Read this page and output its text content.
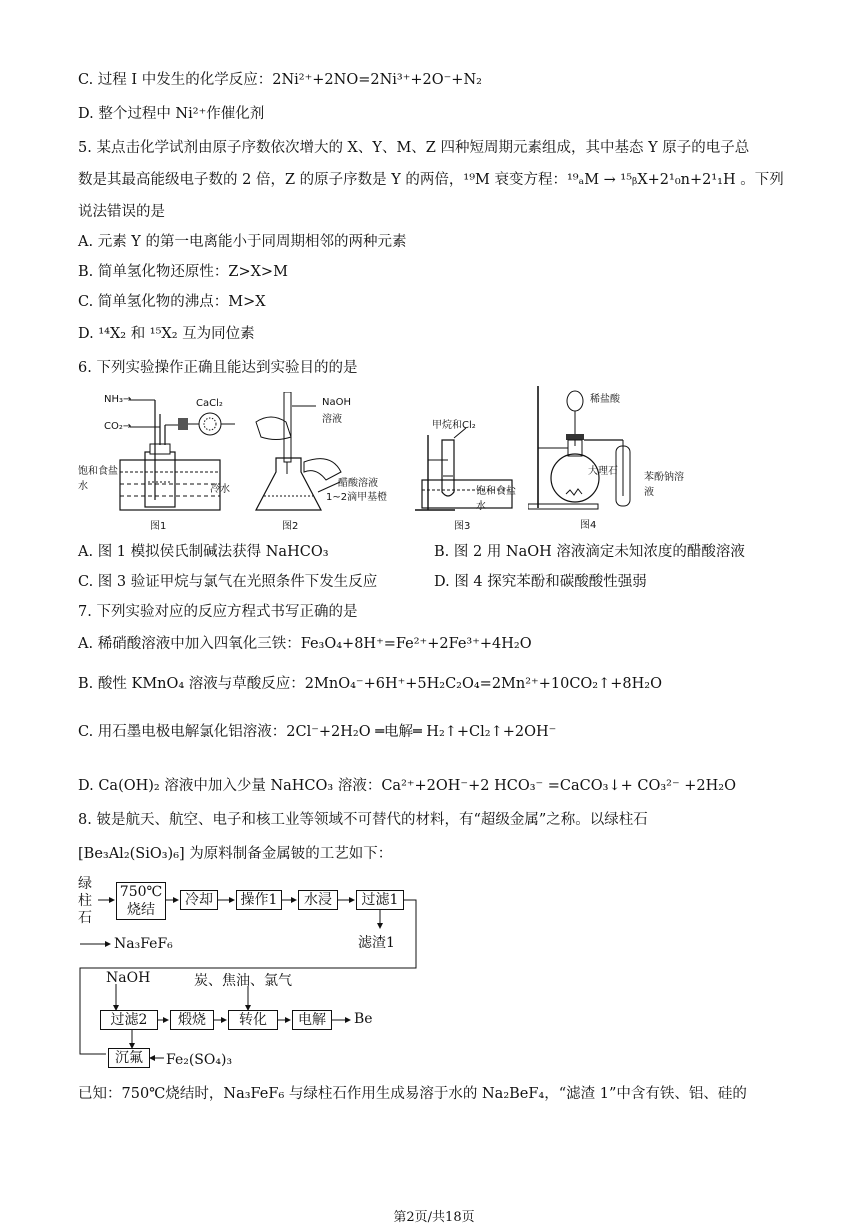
C. 过程 I 中发生的化学反应：2Ni²⁺+2NO=2Ni³⁺+2O⁻+N₂
D. 整个过程中 Ni²⁺作催化剂
5. 某点击化学试剂由原子序数依次增大的 X、Y、M、Z 四种短周期元素组成，其中基态 Y 原子的电子总
数是其最高能级电子数的 2 倍，Z 的原子序数是 Y 的两倍，¹⁹M 衰变方程：¹⁹ₐM → ¹⁵ᵦX+2¹₀n+2¹₁H 。下列
说法错误的是
A. 元素 Y 的第一电离能小于同周期相邻的两种元素
B. 简单氢化物还原性：Z>X>M
C. 简单氢化物的沸点：M>X
D. ¹⁴X₂ 和 ¹⁵X₂ 互为同位素
6. 下列实验操作正确且能达到实验目的的是
NH₃→
CO₂→
CaCl₂
饱和食盐水	冷水
图1
NaOH
溶液
醋酸溶液
1~2滴甲基橙
图2
甲烷和Cl₂
饱和食盐水
图3
稀盐酸
大理石
苯酚钠溶液
图4
A. 图 1 模拟侯氏制碱法获得 NaHCO₃	B. 图 2 用 NaOH 溶液滴定未知浓度的醋酸溶液
C. 图 3 验证甲烷与氯气在光照条件下发生反应	D. 图 4 探究苯酚和碳酸酸性强弱
7. 下列实验对应的反应方程式书写正确的是
A. 稀硝酸溶液中加入四氧化三铁：Fe₃O₄+8H⁺=Fe²⁺+2Fe³⁺+4H₂O
B. 酸性 KMnO₄ 溶液与草酸反应：2MnO₄⁻+6H⁺+5H₂C₂O₄=2Mn²⁺+10CO₂↑+8H₂O
C. 用石墨电极电解氯化铝溶液：2Cl⁻+2H₂O ═电解═ H₂↑+Cl₂↑+2OH⁻
D. Ca(OH)₂ 溶液中加入少量 NaHCO₃ 溶液：Ca²⁺+2OH⁻+2 HCO₃⁻ =CaCO₃↓+ CO₃²⁻ +2H₂O
8. 铍是航天、航空、电子和核工业等领域不可替代的材料，有“超级金属”之称。以绿柱石
[Be₃Al₂(SiO₃)₆] 为原料制备金属铍的工艺如下：
绿柱石
750℃烧结
冷却	操作1	水浸	过滤1
滤渣1
Na₃FeF₆
NaOH	炭、焦油、氯气
过滤2	煅烧	转化	电解	Be
沉氟	Fe₂(SO₄)₃
已知：750℃烧结时，Na₃FeF₆ 与绿柱石作用生成易溶于水的 Na₂BeF₄，“滤渣 1”中含有铁、铝、硅的
第2页/共18页
